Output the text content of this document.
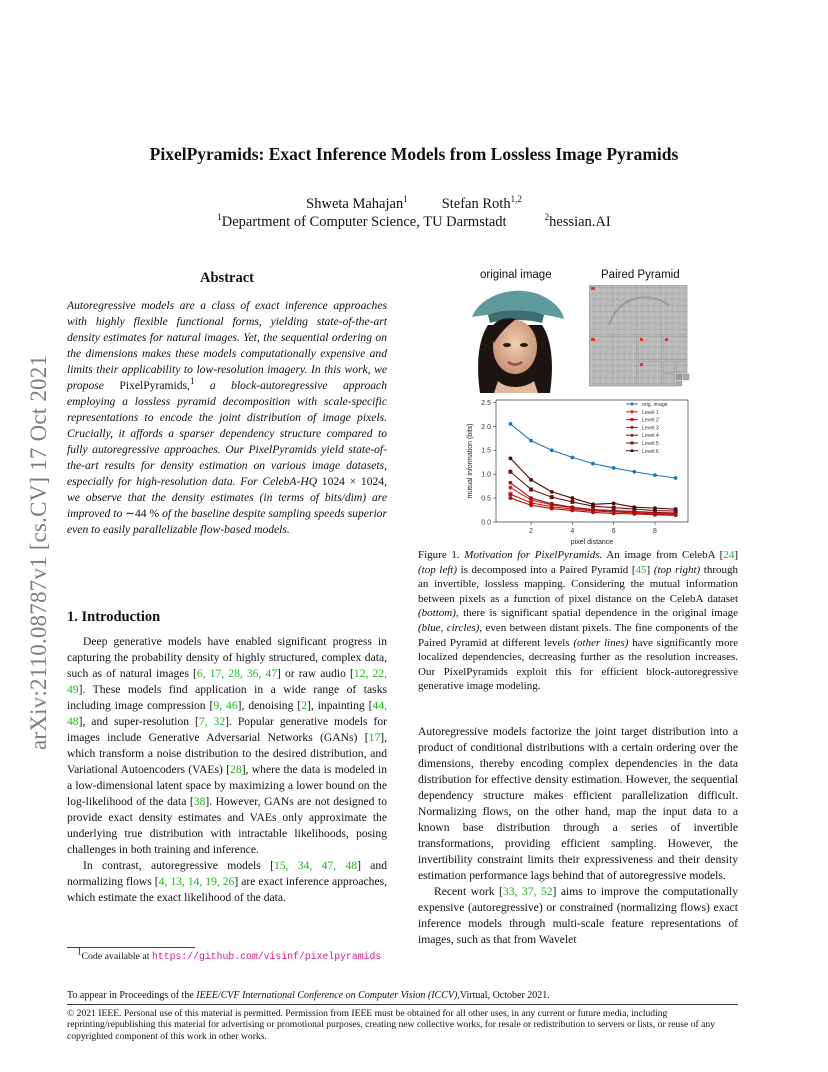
PixelPyramids: Exact Inference Models from Lossless Image Pyramids
Shweta Mahajan$^1$ Stefan Roth$^{1,2}$
$^1$Department of Computer Science, TU Darmstadt	$^2$hessian.AI
arXiv:2110.08787v1 [cs.CV] 17 Oct 2021
Abstract

Autoregressive models are a class of exact inference approaches with highly flexible functional forms, yielding state-of-the-art density estimates for natural images. Yet, the sequential ordering on the dimensions makes these models computationally expensive and limits their applicability to low-resolution imagery. In this work, we propose PixelPyramids,$^1$ a block-autoregressive approach employing a lossless pyramid decomposition with scale-specific representations to encode the joint distribution of image pixels. Crucially, it affords a sparser dependency structure compared to fully autoregressive approaches. Our PixelPyramids yield state-of-the-art results for density estimation on various image datasets, especially for high-resolution data. For CelebA-HQ 1024 × 1024, we observe that the density estimates (in terms of bits/dim) are improved to ∼44 % of the baseline despite sampling speeds superior even to easily parallelizable flow-based models.

1. Introduction

Deep generative models have enabled significant progress in capturing the probability density of highly structured, complex data, such as of natural images [6, 17, 28, 36, 47] or raw audio [12, 22, 49]. These models find application in a wide range of tasks including image compression [9, 46], denoising [2], inpainting [44, 48], and super-resolution [7, 32]. Popular generative models for images include Generative Adversarial Networks (GANs) [17], which transform a noise distribution to the desired distribution, and Variational Autoencoders (VAEs) [28], where the data is modeled in a low-dimensional latent space by maximizing a lower bound on the log-likelihood of the data [38]. However, GANs are not designed to provide exact density estimates and VAEs only approximate the underlying true distribution with intractable likelihoods, posing challenges in both training and inference.

In contrast, autoregressive models [15, 34, 47, 48] and normalizing flows [4, 13, 14, 19, 26] are exact inference approaches, which estimate the exact likelihood of the data.

$^1$Code available at https://github.com/visinf/pixelpyramids
original image	Paired Pyramid
0.0
0.5
1.0
1.5
2.0
2.5
2	4	6	8
pixel distance
mutual information (bits)
orig. image
Level 1
Level 2
Level 3
Level 4
Level 5
Level 6

Figure 1. Motivation for PixelPyramids. An image from CelebA [24] (top left) is decomposed into a Paired Pyramid [45] (top right) through an invertible, lossless mapping. Considering the mutual information between pixels as a function of pixel distance on the CelebA dataset (bottom), there is significant spatial dependence in the original image (blue, circles), even between distant pixels. The fine components of the Paired Pyramid at different levels (other lines) have significantly more localized dependencies, decreasing further as the resolution increases. Our PixelPyramids exploit this for efficient block-autoregressive generative image modeling.

Autoregressive models factorize the joint target distribution into a product of conditional distributions with a certain ordering over the dimensions, thereby encoding complex dependencies in the data distribution for effective density estimation. However, the sequential dependency structure makes efficient parallelization difficult. Normalizing flows, on the other hand, map the input data to a known base distribution through a series of invertible transformations, providing efficient sampling. However, the invertibility constraint limits their expressiveness and their density estimation performance lags behind that of autoregressive models.

Recent work [33, 37, 52] aims to improve the computationally expensive (autoregressive) or constrained (normalizing flows) exact inference models through multi-scale feature representations of images, such as that from Wavelet

To appear in Proceedings of the IEEE/CVF International Conference on Computer Vision (ICCV),Virtual, October 2021.
© 2021 IEEE. Personal use of this material is permitted. Permission from IEEE must be obtained for all other uses, in any current or future media, including reprinting/republishing this material for advertising or promotional purposes, creating new collective works, for resale or redistribution to servers or lists, or reuse of any copyrighted component of this work in other works.
